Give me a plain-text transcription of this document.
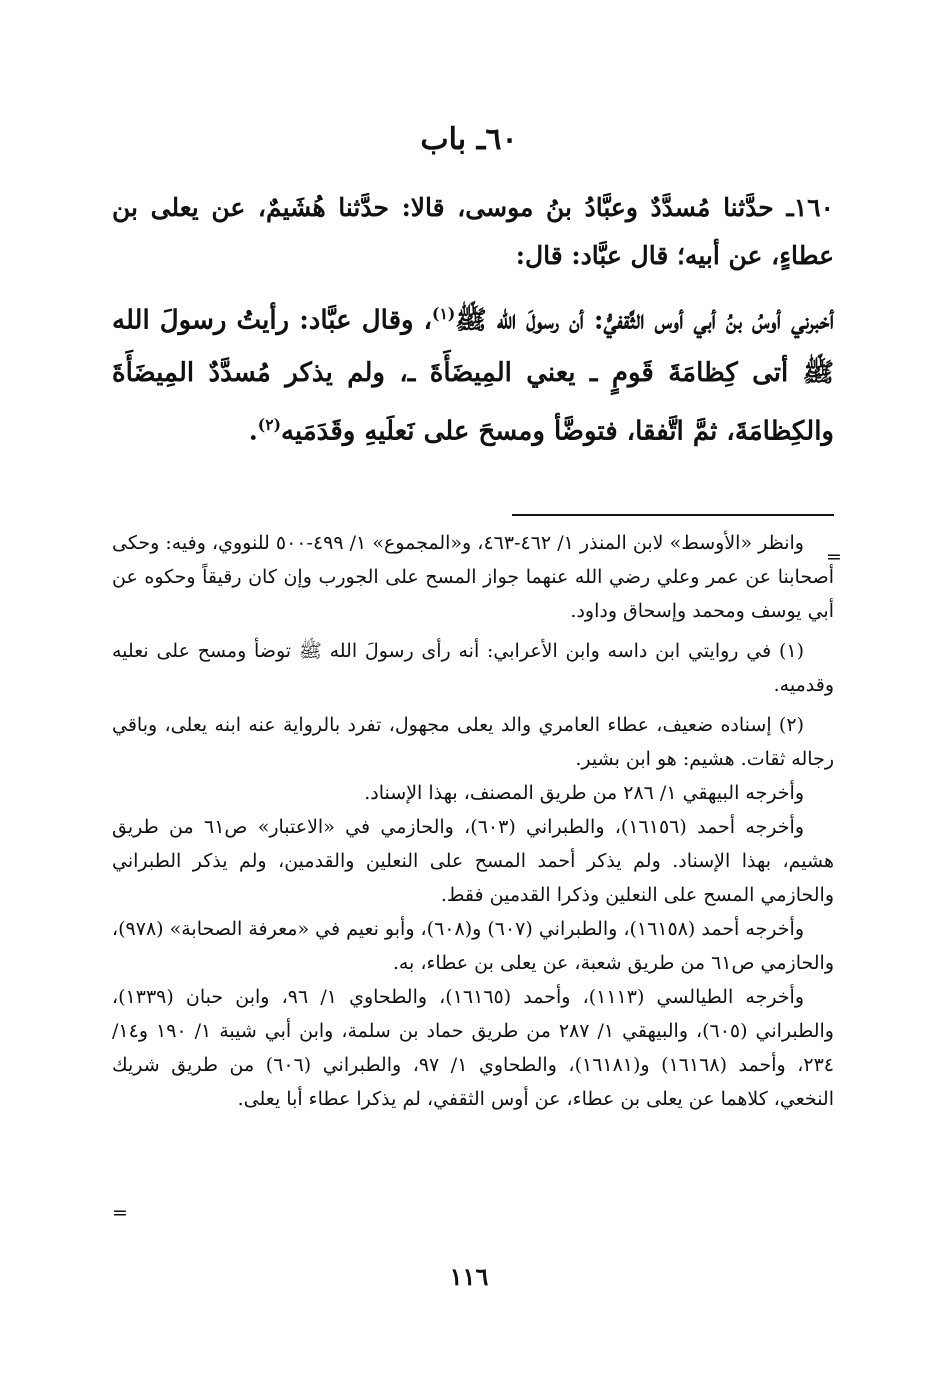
٦٠ـ باب
١٦٠ـ حدَّثنا مُسدَّدٌ وعبَّادُ بنُ موسى، قالا: حدَّثنا هُشَيمٌ، عن يعلى بن عطاءٍ، عن أبيه؛ قال عبَّاد: قال:
أخبرني أوسُ بنُ أبي أوس الثَّقفيُّ: أن رسولَ الله ﷺ$^{(١)}$، وقال عبَّاد: رأيتُ رسولَ الله ﷺ أتى كِظامَةَ قَومٍ ـ يعني المِيضَأَةَ ـ، ولم يذكر مُسدَّدٌ المِيضَأَةَ والكِظامَةَ، ثمَّ اتَّفقا، فتوضَّأ ومسحَ على نَعلَيهِ وقَدَمَيه$^{(٢)}$.

وانظر «الأوسط» لابن المنذر ١/ ٤٦٢-٤٦٣، و«المجموع» ١/ ٤٩٩-٥٠٠ للنووي، وفيه: وحكى أصحابنا عن عمر وعلي رضي الله عنهما جواز المسح على الجورب وإن كان رقيقاً وحكوه عن أبي يوسف ومحمد وإسحاق وداود.

(١) في روايتي ابن داسه وابن الأعرابي: أنه رأى رسولَ الله ﷺ توضأ ومسح على نعليه وقدميه.

(٢) إسناده ضعيف، عطاء العامري والد يعلى مجهول، تفرد بالرواية عنه ابنه يعلى، وباقي رجاله ثقات. هشيم: هو ابن بشير.

وأخرجه البيهقي ١/ ٢٨٦ من طريق المصنف، بهذا الإسناد.

وأخرجه أحمد (١٦١٥٦)، والطبراني (٦٠٣)، والحازمي في «الاعتبار» ص٦١ من طريق هشيم، بهذا الإسناد. ولم يذكر أحمد المسح على النعلين والقدمين، ولم يذكر الطبراني والحازمي المسح على النعلين وذكرا القدمين فقط.

وأخرجه أحمد (١٦١٥٨)، والطبراني (٦٠٧) و(٦٠٨)، وأبو نعيم في «معرفة الصحابة» (٩٧٨)، والحازمي ص٦١ من طريق شعبة، عن يعلى بن عطاء، به.

وأخرجه الطيالسي (١١١٣)، وأحمد (١٦١٦٥)، والطحاوي ١/ ٩٦، وابن حبان (١٣٣٩)، والطبراني (٦٠٥)، والبيهقي ١/ ٢٨٧ من طريق حماد بن سلمة، وابن أبي شيبة ١/ ١٩٠ و١٤/ ٢٣٤، وأحمد (١٦١٦٨) و(١٦١٨١)، والطحاوي ١/ ٩٧، والطبراني (٦٠٦) من طريق شريك النخعي، كلاهما عن يعلى بن عطاء، عن أوس الثقفي، لم يذكرا عطاء أبا يعلى.

=
=
١١٦
